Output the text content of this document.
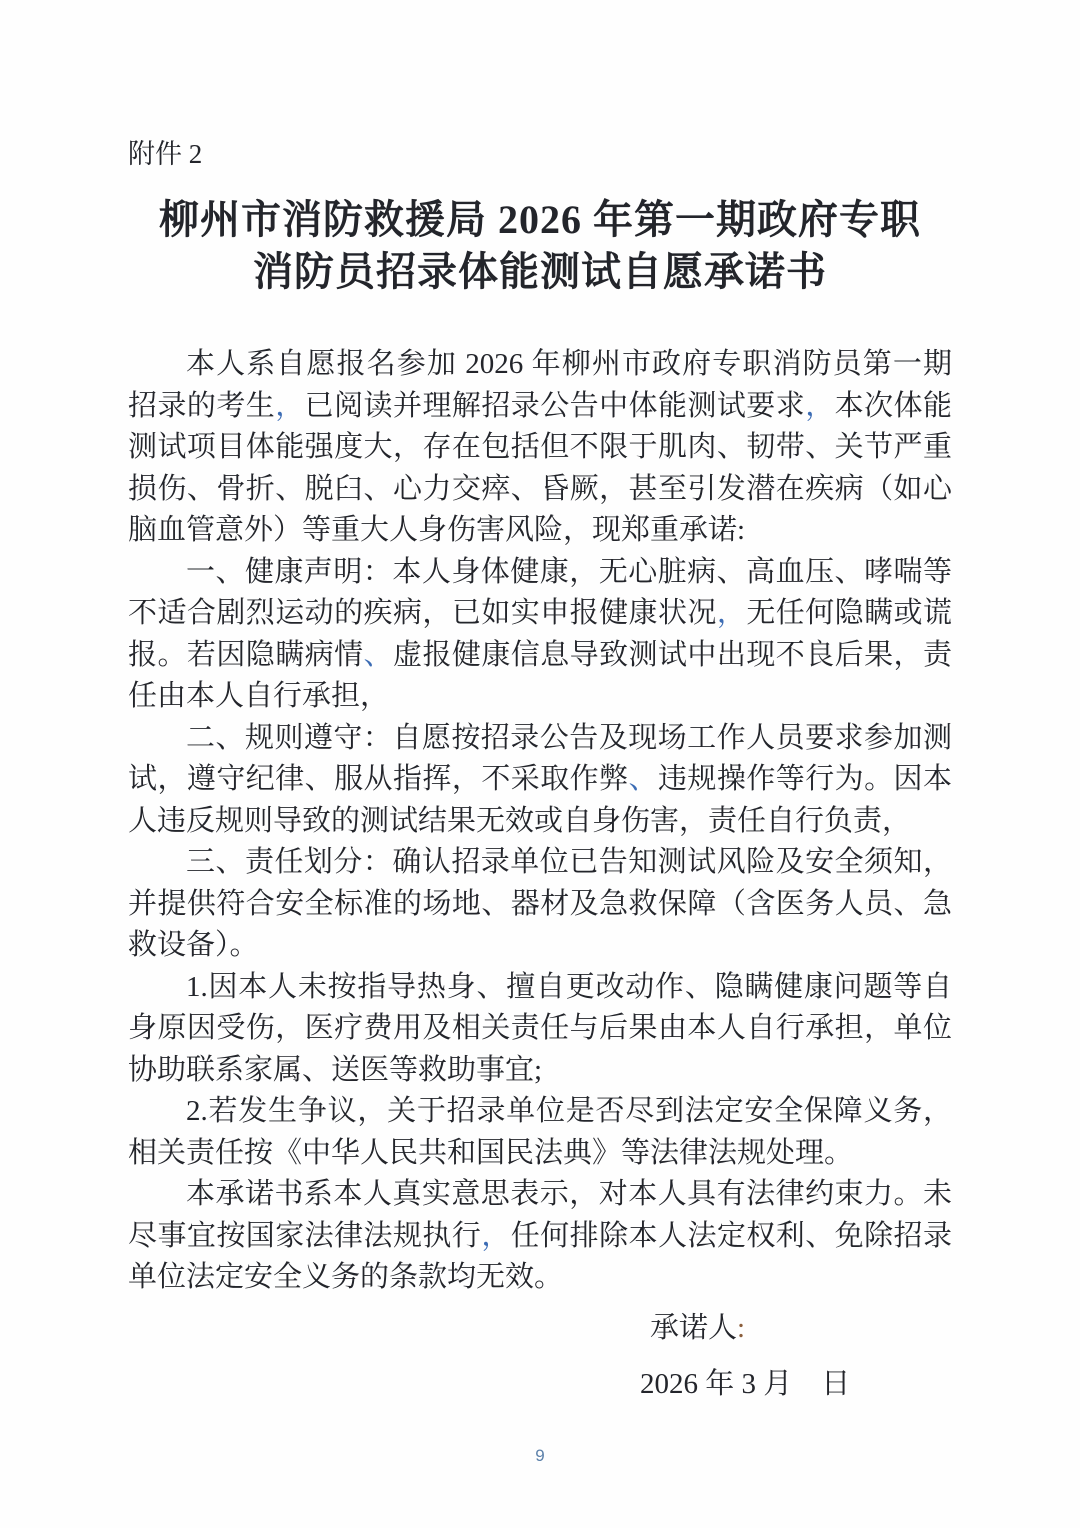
附件 2
柳州市消防救援局 2026 年第一期政府专职
消防员招录体能测试自愿承诺书

本人系自愿报名参加 2026 年柳州市政府专职消防员第一期招录的考生，已阅读并理解招录公告中体能测试要求，本次体能测试项目体能强度大，存在包括但不限于肌肉、韧带、关节严重损伤、骨折、脱臼、心力交瘁、昏厥，甚至引发潜在疾病（如心脑血管意外）等重大人身伤害风险，现郑重承诺:

一、健康声明：本人身体健康，无心脏病、高血压、哮喘等不适合剧烈运动的疾病，已如实申报健康状况，无任何隐瞒或谎报。若因隐瞒病情、虚报健康信息导致测试中出现不良后果，责任由本人自行承担，

二、规则遵守：自愿按招录公告及现场工作人员要求参加测试，遵守纪律、服从指挥，不采取作弊、违规操作等行为。因本人违反规则导致的测试结果无效或自身伤害，责任自行负责，

三、责任划分：确认招录单位已告知测试风险及安全须知，并提供符合安全标准的场地、器材及急救保障（含医务人员、急救设备）。

1.因本人未按指导热身、擅自更改动作、隐瞒健康问题等自身原因受伤，医疗费用及相关责任与后果由本人自行承担，单位协助联系家属、送医等救助事宜;

2.若发生争议，关于招录单位是否尽到法定安全保障义务，相关责任按《中华人民共和国民法典》等法律法规处理。

本承诺书系本人真实意思表示，对本人具有法律约束力。未尽事宜按国家法律法规执行，任何排除本人法定权利、免除招录单位法定安全义务的条款均无效。

承诺人:
2026 年 3 月　日
9
